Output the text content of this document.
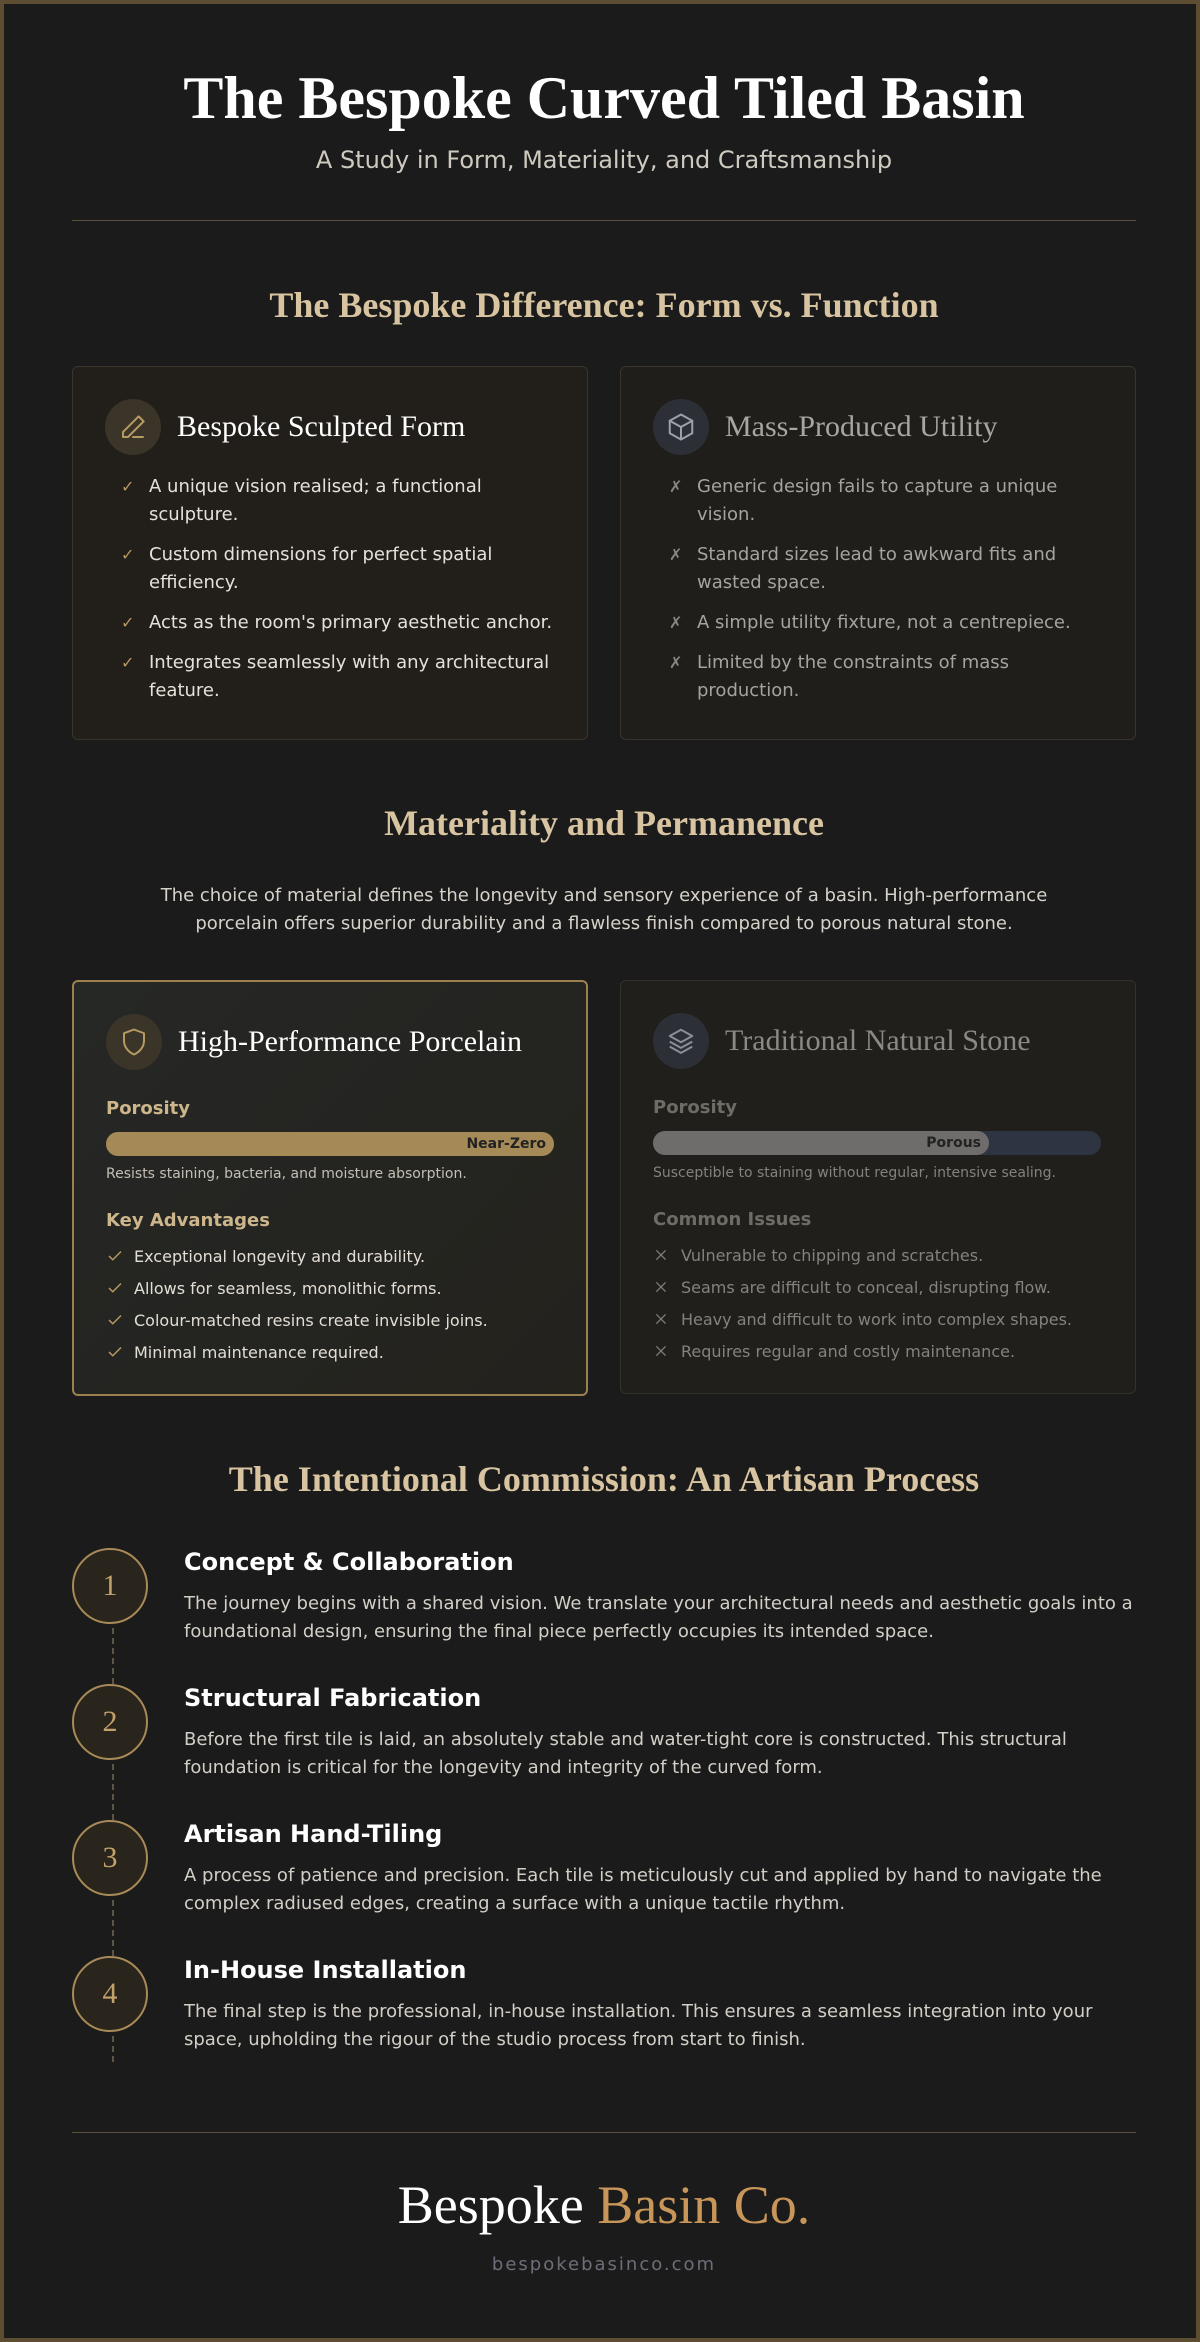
The Bespoke Curved Tiled Basin

A Study in Form, Materiality, and Craftsmanship

The Bespoke Difference: Form vs. Function
Bespoke Sculpted Form
✓ A unique vision realised; a functional sculpture.
✓ Custom dimensions for perfect spatial efficiency.
✓ Acts as the room's primary aesthetic anchor.
✓ Integrates seamlessly with any architectural feature.
Mass-Produced Utility
✗ Generic design fails to capture a unique vision.
✗ Standard sizes lead to awkward fits and wasted space.
✗ A simple utility fixture, not a centrepiece.
✗ Limited by the constraints of mass production.
Materiality and Permanence

The choice of material defines the longevity and sensory experience of a basin. High-performance porcelain offers superior durability and a flawless finish compared to porous natural stone.

High-Performance Porcelain
Porosity
Near-Zero
Resists staining, bacteria, and moisture absorption.
Key Advantages
Exceptional longevity and durability.
Allows for seamless, monolithic forms.
Colour-matched resins create invisible joins.
Minimal maintenance required.
Traditional Natural Stone
Porosity
Porous
Susceptible to staining without regular, intensive sealing.
Common Issues
Vulnerable to chipping and scratches.
Seams are difficult to conceal, disrupting flow.
Heavy and difficult to work into complex shapes.
Requires regular and costly maintenance.
The Intentional Commission: An Artisan Process
1
Concept & Collaboration
The journey begins with a shared vision. We translate your architectural needs and aesthetic goals into a foundational design, ensuring the final piece perfectly occupies its intended space.
2
Structural Fabrication
Before the first tile is laid, an absolutely stable and water-tight core is constructed. This structural foundation is critical for the longevity and integrity of the curved form.
3
Artisan Hand-Tiling
A process of patience and precision. Each tile is meticulously cut and applied by hand to navigate the complex radiused edges, creating a surface with a unique tactile rhythm.
4
In-House Installation
The final step is the professional, in-house installation. This ensures a seamless integration into your space, upholding the rigour of the studio process from start to finish.
Bespoke Basin Co.
bespokebasinco.com
